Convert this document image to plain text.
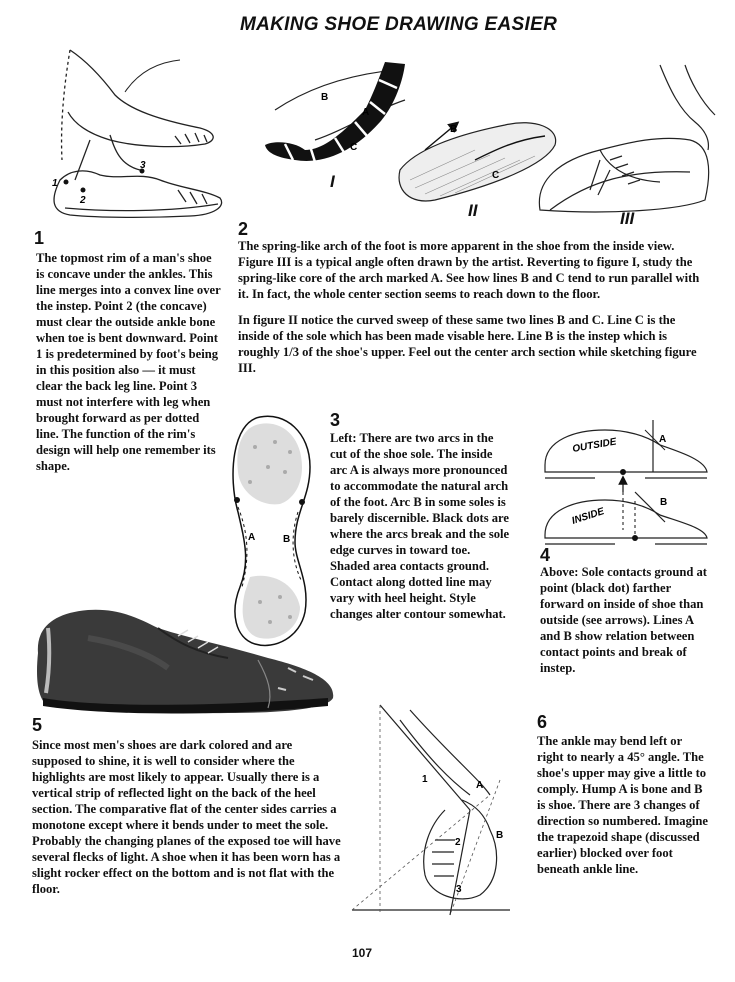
MAKING SHOE DRAWING EASIER
1
2
3
1
The topmost rim of a man's shoe is concave under the ankles. This line merges into a convex line over the instep. Point 2 (the concave) must clear the outside ankle bone when toe is bent downward. Point 1 is predetermined by foot's being in this position also — it must clear the back leg line. Point 3 must not interfere with leg when brought forward as per dotted line. The function of the rim's design will help one remember its shape.
B
A
C
I
B
C
II	III
2

The spring-like arch of the foot is more apparent in the shoe from the inside view. Figure III is a typical angle often drawn by the artist. Reverting to figure I, study the spring-like core of the arch marked A. See how lines B and C tend to run parallel with it. In fact, the whole center section seems to reach down to the floor.

In figure II notice the curved sweep of these same two lines B and C. Line C is the inside of the sole which has been made visable here. Line B is the instep which is roughly 1/3 of the shoe's upper. Feel out the center arch section while sketching figure III.

A	B
3
Left: There are two arcs in the cut of the shoe sole. The inside arc A is always more pronounced to accommodate the natural arch of the foot. Arc B in some soles is barely discernible. Black dots are where the arcs break and the sole edge curves in toward toe. Shaded area contacts ground. Contact along dotted line may vary with heel height. Style changes alter contour somewhat.
OUTSIDE
INSIDE
A
B
4
Above: Sole contacts ground at point (black dot) farther forward on inside of shoe than outside (see arrows). Lines A and B show relation between contact points and break of instep.
5
Since most men's shoes are dark colored and are supposed to shine, it is well to consider where the highlights are most likely to appear. Usually there is a vertical strip of reflected light on the back of the heel section. The comparative flat of the center sides carries a monotone except where it bends under to meet the sole. Probably the changing planes of the exposed toe will have several flecks of light. A shoe when it has been worn has a slight rocker effect on the bottom and is not flat with the floor.
1
A
B
2
3
6
The ankle may bend left or right to nearly a 45° angle. The shoe's upper may give a little to comply. Hump A is bone and B is shoe. There are 3 changes of direction so numbered. Imagine the trapezoid shape (discussed earlier) blocked over foot beneath ankle line.
107
